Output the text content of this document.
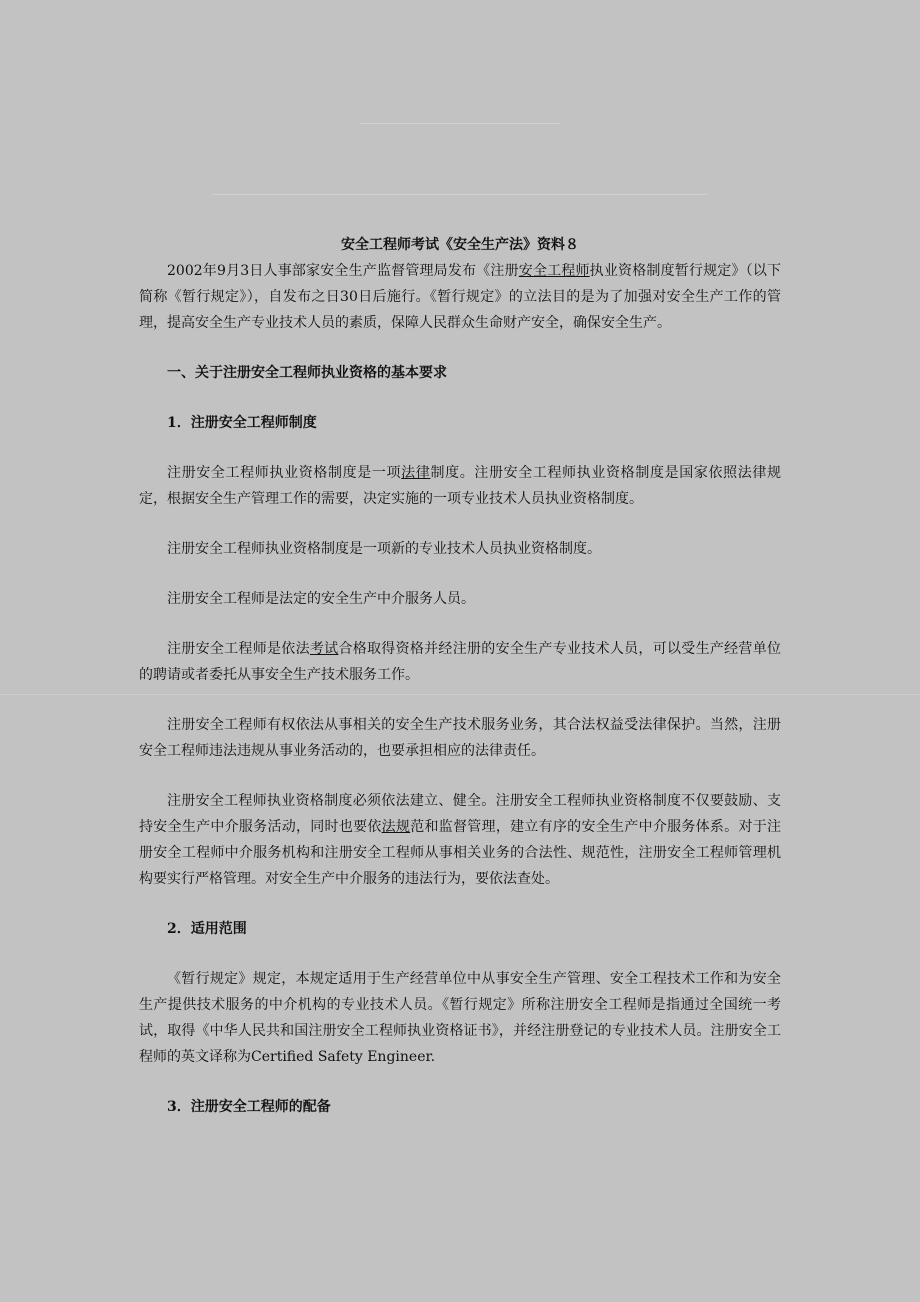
安全工程师考试《安全生产法》资料８

2002年9月3日人事部家安全生产监督管理局发布《注册安全工程师执业资格制度暂行规定》（以下简称《暂行规定》），自发布之日30日后施行。《暂行规定》的立法目的是为了加强对安全生产工作的管理，提高安全生产专业技术人员的素质，保障人民群众生命财产安全，确保安全生产。

一、关于注册安全工程师执业资格的基本要求

1．注册安全工程师制度

注册安全工程师执业资格制度是一项法律制度。注册安全工程师执业资格制度是国家依照法律规定，根据安全生产管理工作的需要，决定实施的一项专业技术人员执业资格制度。

注册安全工程师执业资格制度是一项新的专业技术人员执业资格制度。

注册安全工程师是法定的安全生产中介服务人员。

注册安全工程师是依法考试合格取得资格并经注册的安全生产专业技术人员，可以受生产经营单位的聘请或者委托从事安全生产技术服务工作。

注册安全工程师有权依法从事相关的安全生产技术服务业务，其合法权益受法律保护。当然，注册安全工程师违法违规从事业务活动的，也要承担相应的法律责任。

注册安全工程师执业资格制度必须依法建立、健全。注册安全工程师执业资格制度不仅要鼓励、支持安全生产中介服务活动，同时也要依法规范和监督管理，建立有序的安全生产中介服务体系。对于注册安全工程师中介服务机构和注册安全工程师从事相关业务的合法性、规范性，注册安全工程师管理机构要实行严格管理。对安全生产中介服务的违法行为，要依法查处。

2．适用范围

《暂行规定》规定，本规定适用于生产经营单位中从事安全生产管理、安全工程技术工作和为安全生产提供技术服务的中介机构的专业技术人员。《暂行规定》所称注册安全工程师是指通过全国统一考试，取得《中华人民共和国注册安全工程师执业资格证书》，并经注册登记的专业技术人员。注册安全工程师的英文译称为Certified Safety Engineer.

3．注册安全工程师的配备
